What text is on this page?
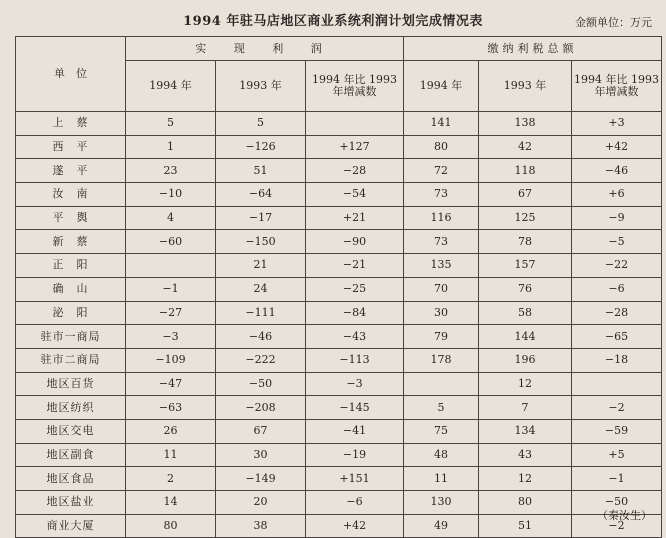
1994 年驻马店地区商业系统利润计划完成情况表	金额单位：万元
单　位	实 现 利 润			缴纳利税总额		
	1994 年	1993 年	1994 年比 1993 年增减数	1994 年	1993 年	1994 年比 1993 年增减数
上　蔡	5	5		141	138	+3
西　平	1	−126	+127	80	42	+42
遂　平	23	51	−28	72	118	−46
汝　南	−10	−64	−54	73	67	+6
平　舆	4	−17	+21	116	125	−9
新　蔡	−60	−150	−90	73	78	−5
正　阳		21	−21	135	157	−22
确　山	−1	24	−25	70	76	−6
泌　阳	−27	−111	−84	30	58	−28
驻市一商局	−3	−46	−43	79	144	−65
驻市二商局	−109	−222	−113	178	196	−18
地区百货	−47	−50	−3		12	
地区纺织	−63	−208	−145	5	7	−2
地区交电	26	67	−41	75	134	−59
地区副食	11	30	−19	48	43	+5
地区食品	2	−149	+151	11	12	−1
地区盐业	14	20	−6	130	80	−50
商业大厦	80	38	+42	49	51	−2
（秦汝生）
